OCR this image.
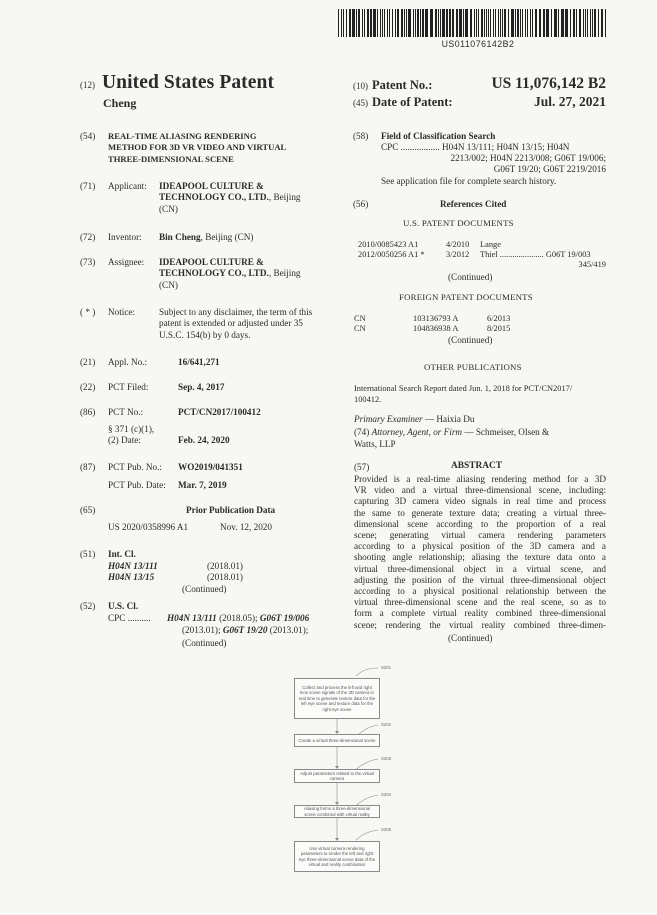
US011076142B2
(12) United States Patent
Cheng
(10) Patent No.:	US 11,076,142 B2
(45) Date of Patent:	Jul. 27, 2021
(54) REAL-TIME ALIASING RENDERING
METHOD FOR 3D VR VIDEO AND VIRTUAL
THREE-DIMENSIONAL SCENE
(71) Applicant: IDEAPOOL CULTURE &
TECHNOLOGY CO., LTD., Beijing
(CN)
(72) Inventor: Bin Cheng, Beijing (CN)
(73) Assignee: IDEAPOOL CULTURE &
TECHNOLOGY CO., LTD., Beijing
(CN)
( * ) Notice:	Subject to any disclaimer, the term of this
patent is extended or adjusted under 35
U.S.C. 154(b) by 0 days.
(21) Appl. No.:	16/641,271
(22) PCT Filed:	Sep. 4, 2017
(86) PCT No.:	PCT/CN2017/100412
§ 371 (c)(1),
(2) Date:	Feb. 24, 2020
(87) PCT Pub. No.: WO2019/041351
PCT Pub. Date: Mar. 7, 2019
(65)	Prior Publication Data
US 2020/0358996 A1	Nov. 12, 2020
(51) Int. Cl.
H04N 13/111	(2018.01)
H04N 13/15	(2018.01)
(Continued)
(52) U.S. Cl.
CPC .......... H04N 13/111 (2018.05); G06T 19/006
(2013.01); G06T 19/20 (2013.01);
(Continued)
(58) Field of Classification Search
CPC ................. H04N 13/111; H04N 13/15; H04N
2213/002; H04N 2213/008; G06T 19/006;
G06T 19/20; G06T 2219/2016
See application file for complete search history.
(56)	References Cited
U.S. PATENT DOCUMENTS
2010/0085423 A1	4/2010 Lange
2012/0050256 A1 *	3/2012 Thiel ..................... G06T 19/003
345/419
(Continued)
FOREIGN PATENT DOCUMENTS
CN	103136793 A	6/2013
CN	104836938 A	8/2015
(Continued)
OTHER PUBLICATIONS
International Search Report dated Jun. 1, 2018 for PCT/CN2017/
100412.
Primary Examiner — Haixia Du
(74) Attorney, Agent, or Firm — Schmeiser, Olsen &
Watts, LLP
(57)	ABSTRACT
Provided is a real-time aliasing rendering method for a 3D
VR video and a virtual three-dimensional scene, including:
capturing 3D camera video signals in real time and process
the same to generate texture data; creating a virtual three-
dimensional scene according to the proportion of a real
scene; generating virtual camera rendering parameters
according to a physical position of the 3D camera and a
shooting angle relationship; aliasing the texture data onto a
virtual three-dimensional object in a virtual scene, and
adjusting the position of the virtual three-dimensional object
according to a physical positional relationship between the
virtual three-dimensional scene and the real scene, so as to
form a complete virtual reality combined three-dimensional
scene; rendering the virtual reality combined three-dimen-
(Continued)
S201
Collect and process the left and right lens scene signals of the 3D camera in real time to generate texture data for the left eye scene and texture data for the right eye scene
S202
Create a virtual three-dimensional scene
S203
Adjust parameters related to the virtual camera
S204
Aliasing forms a three-dimensional scene combined with virtual reality
S205
Use virtual camera rendering parameters to render the left and right eye three-dimensional scene data of the virtual and reality combination
